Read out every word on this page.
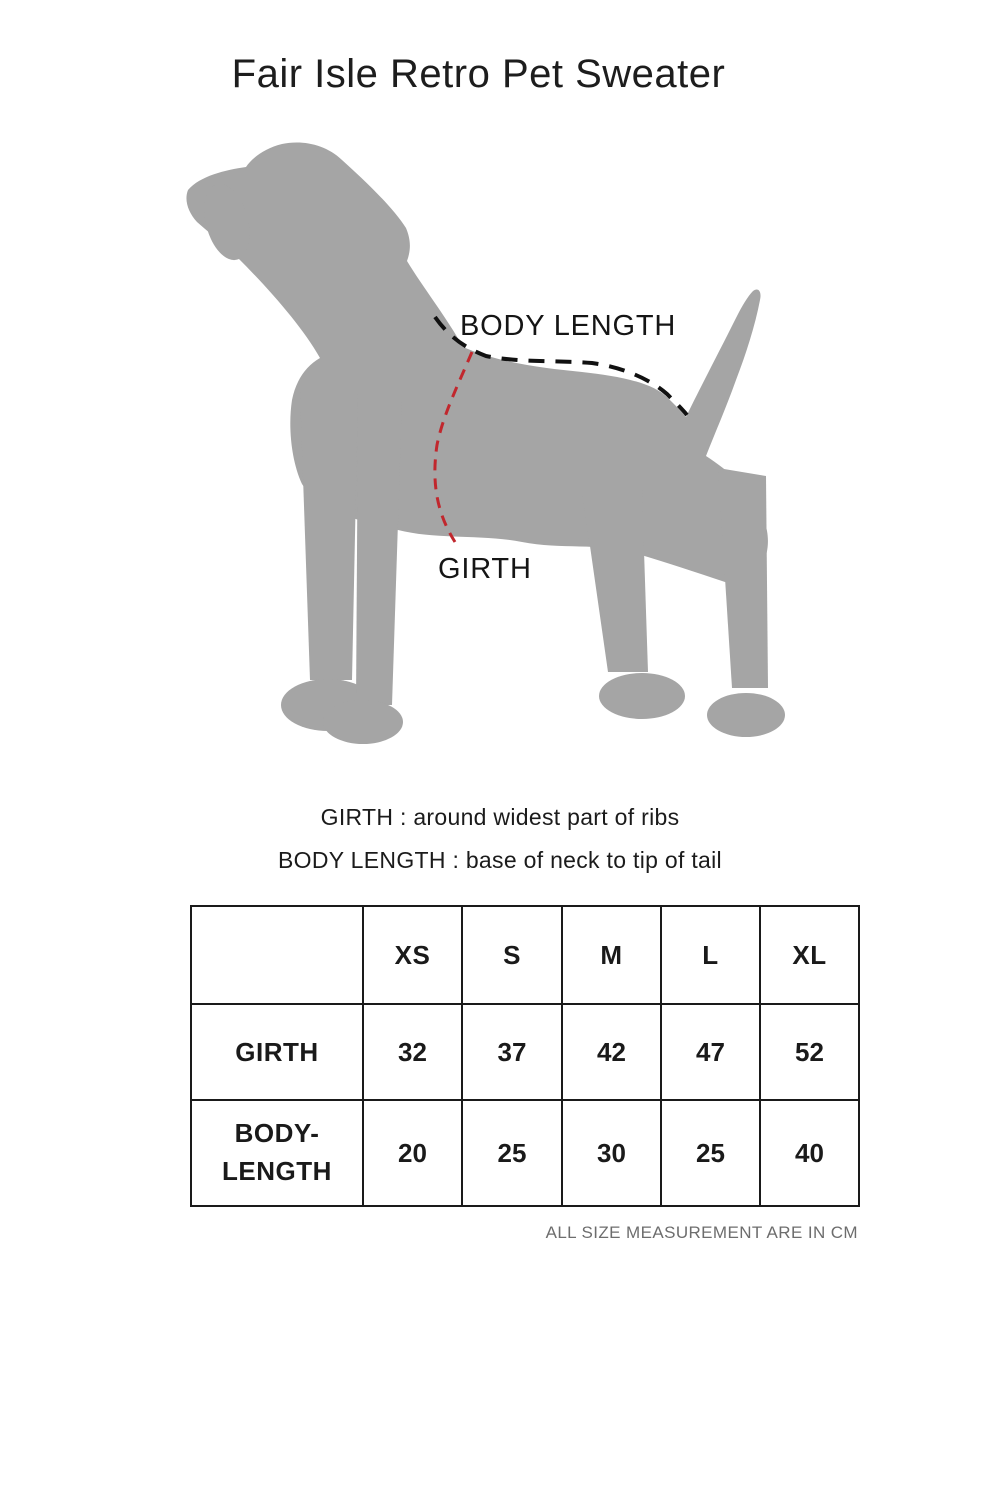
Fair Isle Retro Pet Sweater
BODY LENGTH
GIRTH
GIRTH : around widest part of ribs
BODY LENGTH : base of neck to tip of tail
	XS	S	M	L	XL
GIRTH	32	37	42	47	52
BODY-LENGTH	20	25	30	25	40
ALL SIZE MEASUREMENT ARE IN CM
